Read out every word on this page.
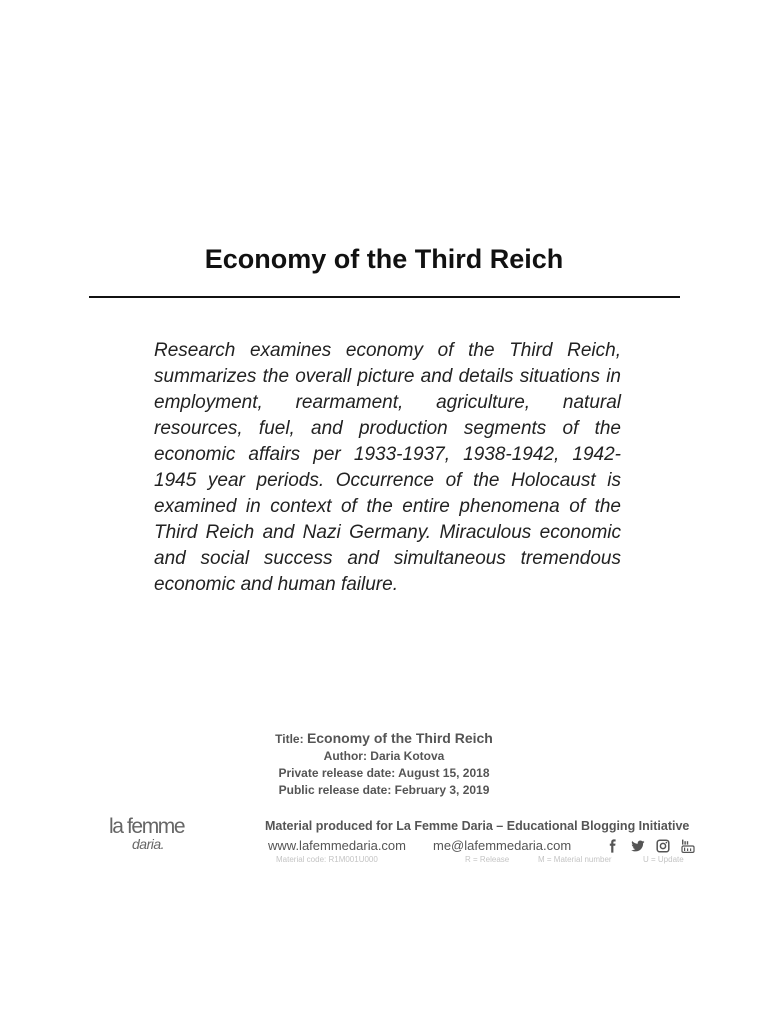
Economy of the Third Reich

Research examines economy of the Third Reich, summarizes the overall picture and details situations in employment, rearmament, agriculture, natural resources, fuel, and production segments of the economic affairs per 1933-1937, 1938-1942, 1942-1945 year periods. Occurrence of the Holocaust is examined in context of the entire phenomena of the Third Reich and Nazi Germany. Miraculous economic and social success and simultaneous tremendous economic and human failure.

Title: Economy of the Third Reich
Author: Daria Kotova
Private release date: August 15, 2018
Public release date: February 3, 2019
la femme
daria.
Material produced for La Femme Daria – Educational Blogging Initiative
www.lafemmedaria.com me@lafemmedaria.com
Material code: R1M001U000	R = Release	M = Material number	U = Update
